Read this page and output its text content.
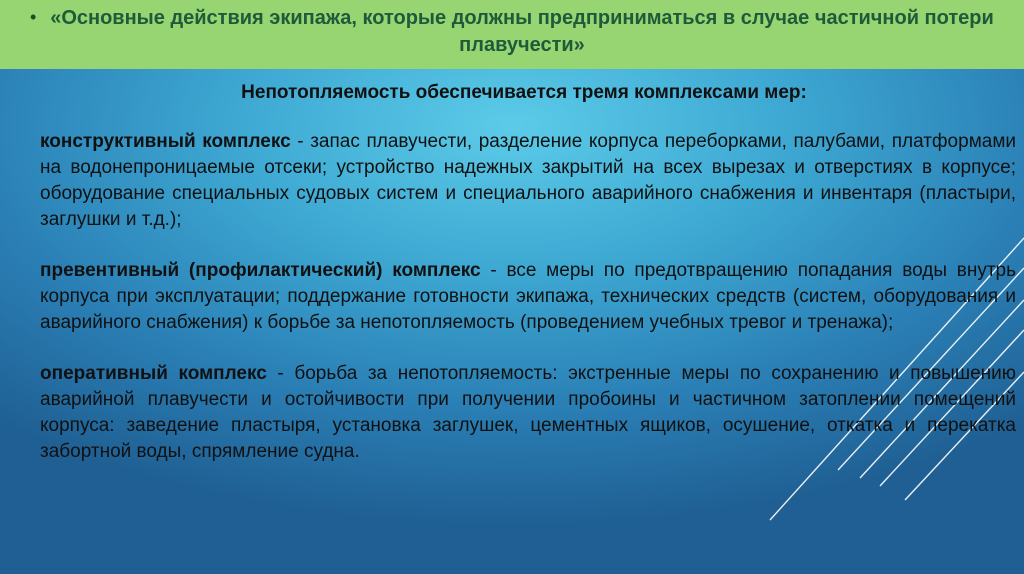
• «Основные действия экипажа, которые должны предприниматься в случае частичной потери плавучести»

Непотопляемость обеспечивается тремя комплексами мер:

конструктивный комплекс - запас плавучести, разделение корпуса переборками, палубами, платформами на водонепроницаемые отсеки; устройство надежных закрытий на всех вырезах и отверстиях в корпусе; оборудование специальных судовых систем и специального аварийного снабжения и инвентаря (пластыри, заглушки и т.д.);

превентивный (профилактический) комплекс - все меры по предотвращению попадания воды внутрь корпуса при эксплуатации; поддержание готовности экипажа, технических средств (систем, оборудования и аварийного снабжения) к борьбе за непотопляемость (проведением учебных тревог и тренажа);

оперативный комплекс - борьба за непотопляемость: экстренные меры по сохранению и повышению аварийной плавучести и остойчивости при получении пробоины и частичном затоплении помещений корпуса: заведение пластыря, установка заглушек, цементных ящиков, осушение, откатка и перекатка забортной воды, спрямление судна.
